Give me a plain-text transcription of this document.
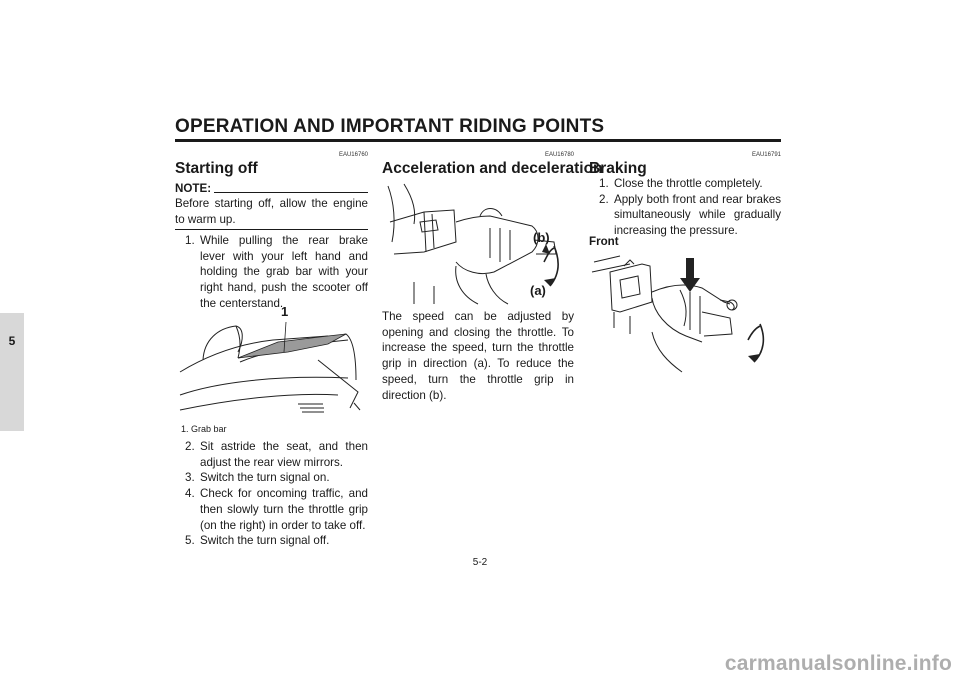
OPERATION AND IMPORTANT RIDING POINTS
5
EAU16760
Starting off
NOTE:
Before starting off, allow the engine to warm up.
1. While pulling the rear brake lever with your left hand and holding the grab bar with your right hand, push the scooter off the centerstand.
1
1. Grab bar
2. Sit astride the seat, and then adjust the rear view mirrors.
3. Switch the turn signal on.
4. Check for oncoming traffic, and then slowly turn the throttle grip (on the right) in order to take off.
5. Switch the turn signal off.
EAU16780
Acceleration and deceleration
(b)
(a)
The speed can be adjusted by opening and closing the throttle. To increase the speed, turn the throttle grip in direction (a). To reduce the speed, turn the throttle grip in direction (b).
EAU16791
Braking
1. Close the throttle completely.
2. Apply both front and rear brakes simultaneously while gradually increasing the pressure.
Front
5-2
carmanualsonline.info
